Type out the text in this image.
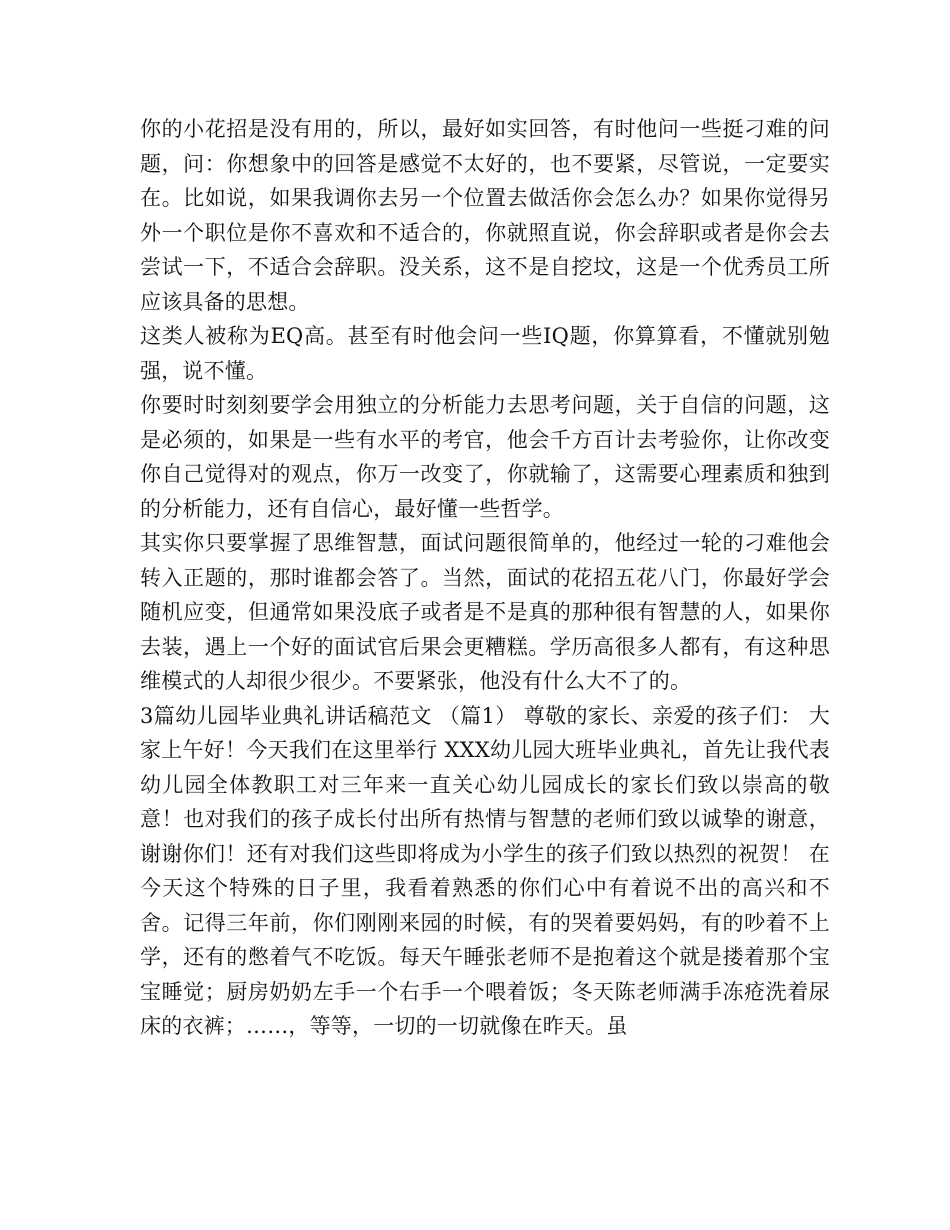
你的小花招是没有用的，所以，最好如实回答，有时他问一些挺刁难的问题，问：你想象中的回答是感觉不太好的，也不要紧，尽管说，一定要实在。比如说，如果我调你去另一个位置去做活你会怎么办？如果你觉得另外一个职位是你不喜欢和不适合的，你就照直说，你会辞职或者是你会去尝试一下，不适合会辞职。没关系，这不是自挖坟，这是一个优秀员工所应该具备的思想。

这类人被称为EQ高。甚至有时他会问一些IQ题，你算算看，不懂就别勉强，说不懂。

你要时时刻刻要学会用独立的分析能力去思考问题，关于自信的问题，这是必须的，如果是一些有水平的考官，他会千方百计去考验你，让你改变你自己觉得对的观点，你万一改变了，你就输了，这需要心理素质和独到的分析能力，还有自信心，最好懂一些哲学。

其实你只要掌握了思维智慧，面试问题很简单的，他经过一轮的刁难他会转入正题的，那时谁都会答了。当然，面试的花招五花八门，你最好学会随机应变，但通常如果没底子或者是不是真的那种很有智慧的人，如果你去装，遇上一个好的面试官后果会更糟糕。学历高很多人都有，有这种思维模式的人却很少很少。不要紧张，他没有什么大不了的。

3篇幼儿园毕业典礼讲话稿范文 （篇1） 尊敬的家长、亲爱的孩子们： 大家上午好！今天我们在这里举行 XXX幼儿园大班毕业典礼，首先让我代表幼儿园全体教职工对三年来一直关心幼儿园成长的家长们致以崇高的敬意！也对我们的孩子成长付出所有热情与智慧的老师们致以诚挚的谢意，谢谢你们！还有对我们这些即将成为小学生的孩子们致以热烈的祝贺！ 在今天这个特殊的日子里，我看着熟悉的你们心中有着说不出的高兴和不舍。记得三年前，你们刚刚来园的时候，有的哭着要妈妈，有的吵着不上学，还有的憋着气不吃饭。每天午睡张老师不是抱着这个就是搂着那个宝宝睡觉；厨房奶奶左手一个右手一个喂着饭；冬天陈老师满手冻疮洗着尿床的衣裤；……，等等，一切的一切就像在昨天。虽
